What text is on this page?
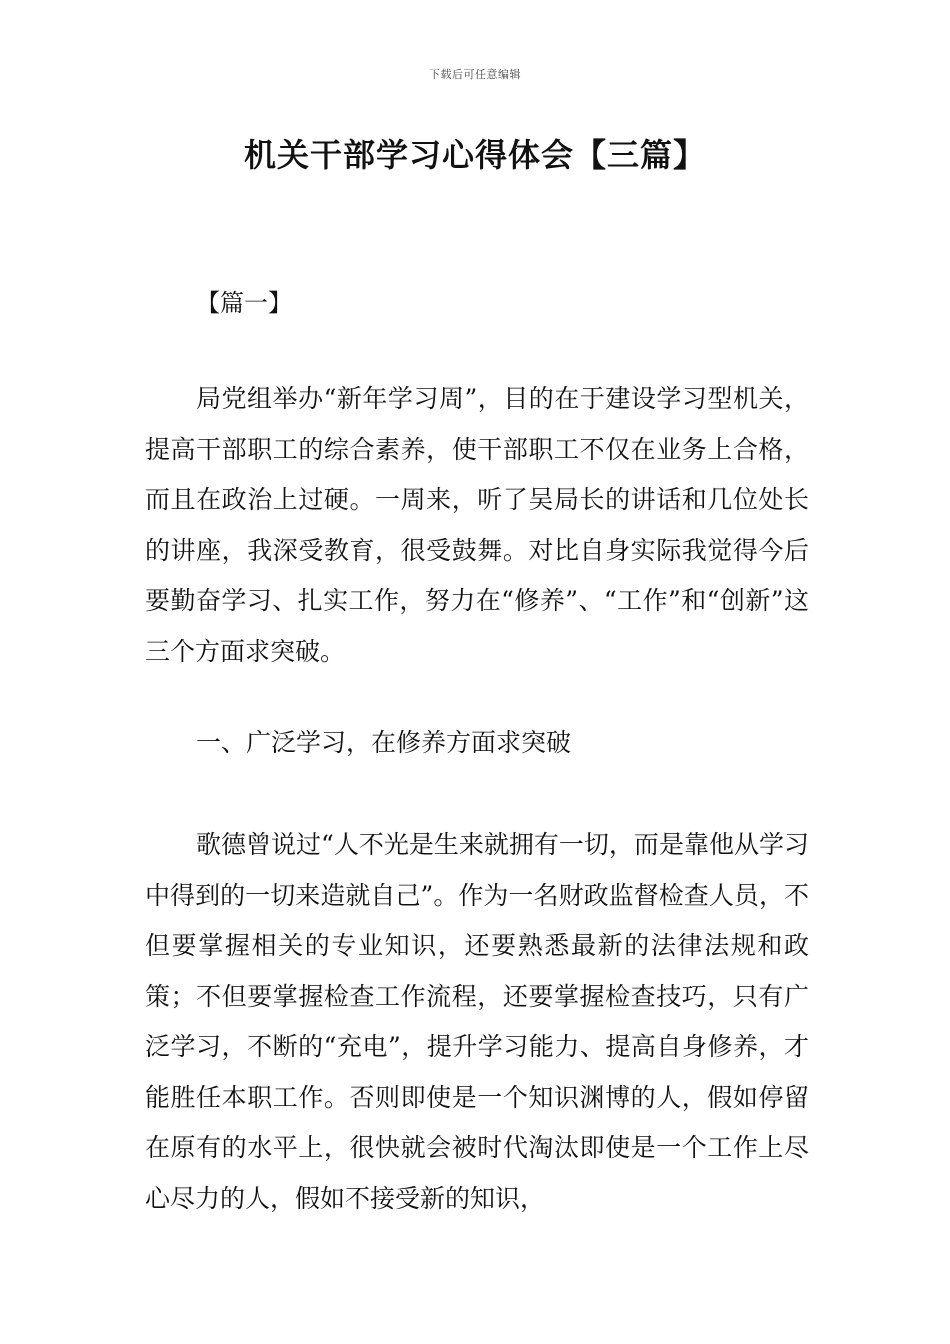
下载后可任意编辑
机关干部学习心得体会【三篇】
【篇一】

局党组举办“新年学习周”，目的在于建设学习型机关，提高干部职工的综合素养，使干部职工不仅在业务上合格，而且在政治上过硬。一周来，听了吴局长的讲话和几位处长的讲座，我深受教育，很受鼓舞。对比自身实际我觉得今后要勤奋学习、扎实工作，努力在“修养”、“工作”和“创新”这三个方面求突破。

一、广泛学习，在修养方面求突破

歌德曾说过“人不光是生来就拥有一切，而是靠他从学习中得到的一切来造就自己”。作为一名财政监督检查人员，不但要掌握相关的专业知识，还要熟悉最新的法律法规和政策；不但要掌握检查工作流程，还要掌握检查技巧，只有广泛学习，不断的“充电”，提升学习能力、提高自身修养，才能胜任本职工作。否则即使是一个知识渊博的人，假如停留在原有的水平上，很快就会被时代淘汰即使是一个工作上尽心尽力的人，假如不接受新的知识，
